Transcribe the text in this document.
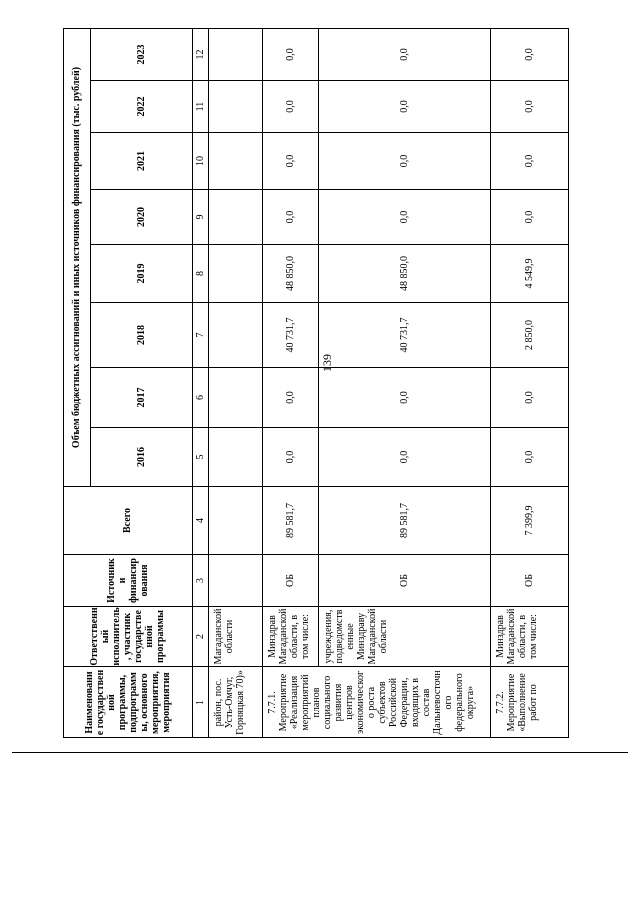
139
Наименовани е государствен ной программы, подпрограмм ы, основного мероприятия, мероприятия
Ответственн ый исполнитель , участник государстве нной программы
Источник и финансир ования
Всего
Объем бюджетных ассигнований и иных источников финансирования (тыс. рублей)
2016
2017
2018
2019
2020
2021
2022
2023
1
2
3
4
5
6
7
8
9
10
11
12
район, пос. Усть-Омчуг, Горняцкая 70)»
Магаданской области
7.7.1. Мероприятие «Реализация мероприятий планов социального развития центров экономическог о роста субъектов Российской Федерации, входящих в состав Дальневосточн ого федерального округа»
Минздрав Магаданской области, в том числе:
ОБ
89 581,7
0,0
0,0
40 731,7
48 850,0
0,0
0,0
0,0
0,0
учреждения, подведомств енные Минздраву Магаданской области
ОБ
89 581,7
0,0
0,0
40 731,7
48 850,0
0,0
0,0
0,0
0,0
7.7.2. Мероприятие «Выполнение работ по
Минздрав Магаданской области, в том числе:
ОБ
7 399,9
0,0
0,0
2 850,0
4 549,9
0,0
0,0
0,0
0,0
